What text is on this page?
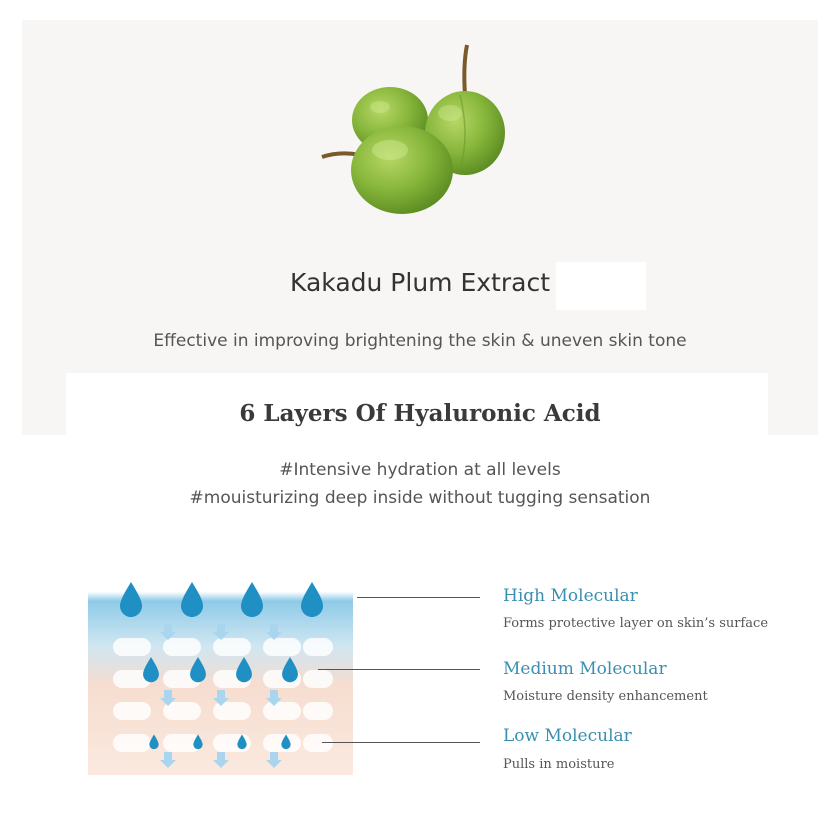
Kakadu Plum Extract
Effective in improving brightening the skin & uneven skin tone
6 Layers Of Hyaluronic Acid
#Intensive hydration at all levels
#mouisturizing deep inside without tugging sensation
High Molecular
Forms protective layer on skin’s surface
Medium Molecular
Moisture density enhancement
Low Molecular
Pulls in moisture
